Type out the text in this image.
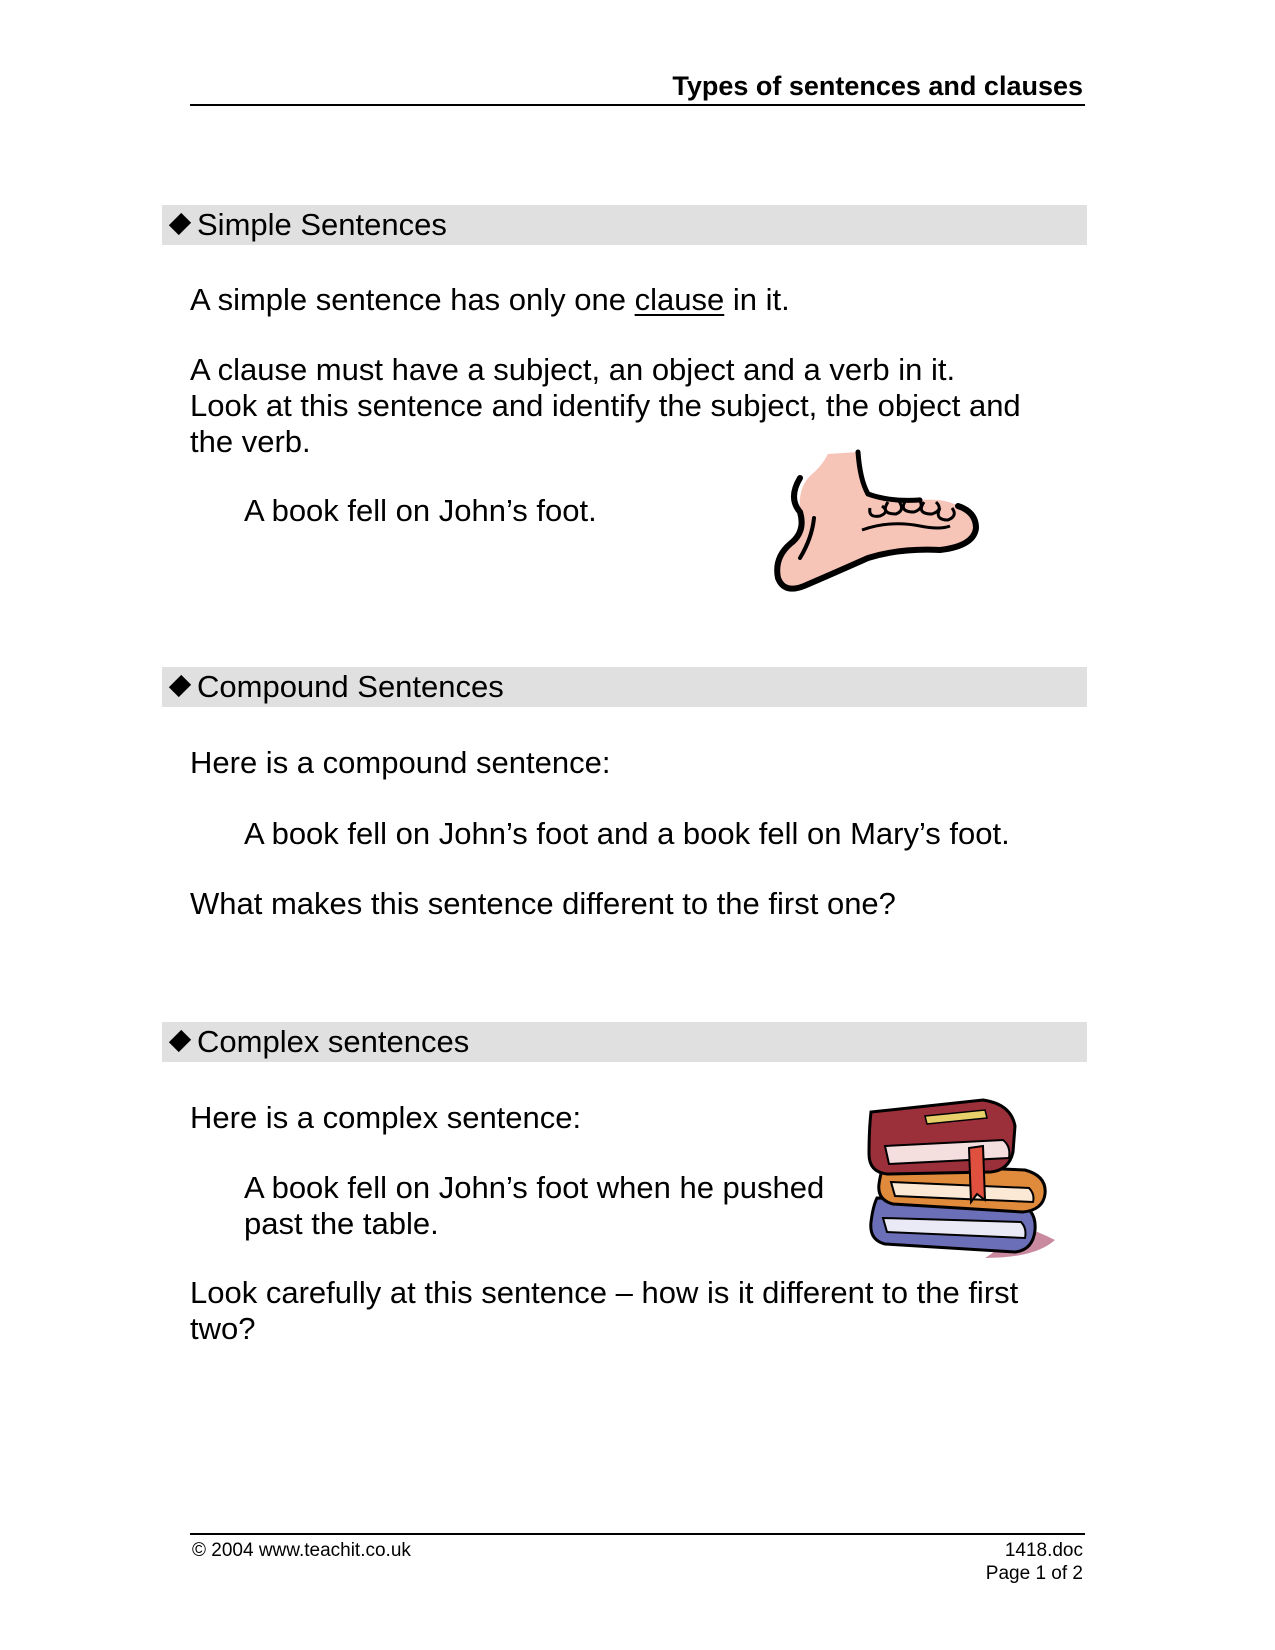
Types of sentences and clauses
Simple Sentences
A simple sentence has only one clause in it.
A clause must have a subject, an object and a verb in it.
Look at this sentence and identify the subject, the object and
the verb.
A book fell on John’s foot.
Compound Sentences
Here is a compound sentence:
A book fell on John’s foot and a book fell on Mary’s foot.
What makes this sentence different to the first one?
Complex sentences
Here is a complex sentence:
A book fell on John’s foot when he pushed
past the table.
Look carefully at this sentence – how is it different to the first
two?
© 2004 www.teachit.co.uk	1418.doc
Page 1 of 2
